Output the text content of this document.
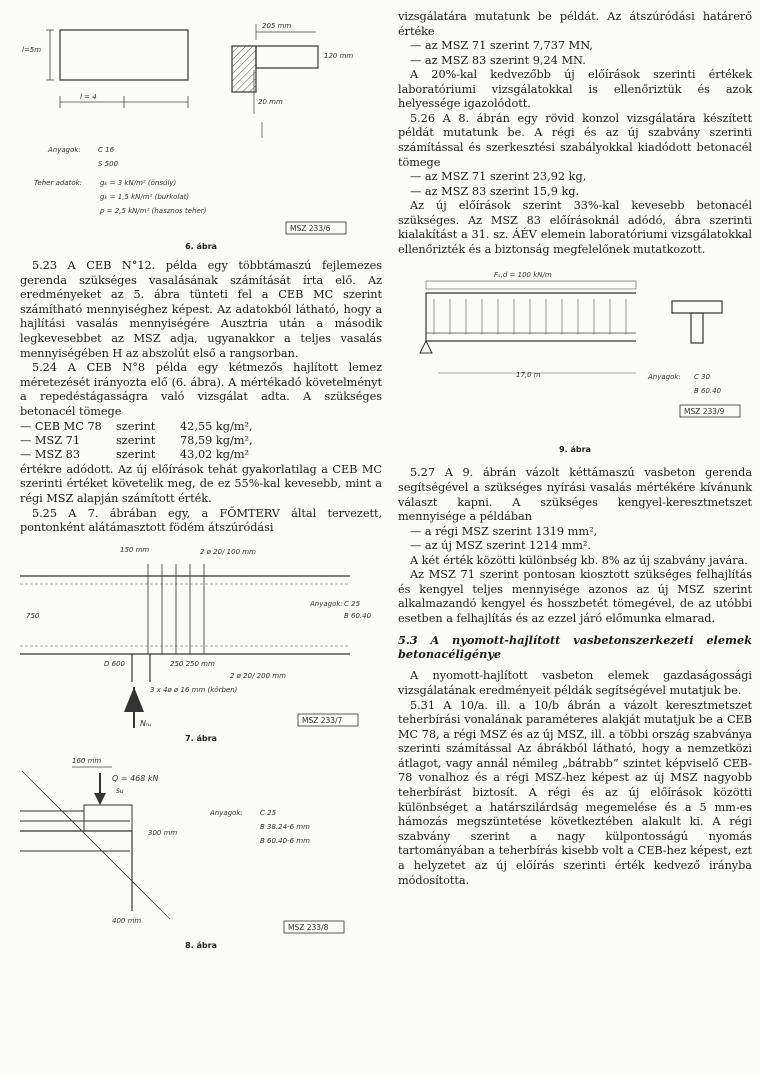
l=5m
l = 4
205 mm
120 mm
20 mm
Anyagok: C 16
S 500
Teher adatok:	gₖ = 3 kN/m² (önsúly)
gₖ = 1,5 kN/m² (burkolat)
p = 2,5 kN/m² (hasznos teher)
MSZ 233/6
6. ábra

5.23 A CEB N°12. példa egy többtámaszú fejlemezes gerenda szükséges vasalásának számítását írta elő. Az eredményeket az 5. ábra tünteti fel a CEB MC szerint számítható mennyiséghez képest. Az adatokból látható, hogy a hajlítási vasalás mennyiségére Ausztria után a második legkevesebbet az MSZ adja, ugyanakkor a teljes vasalás mennyiségében H az abszolút első a rangsorban.

5.24 A CEB N°8 példa egy kétmezős hajlított lemez méretezését irányozta elő (6. ábra). A mértékadó követelményt a repedéstágasságra való vizsgálat adta. A szükséges betonacél tömege

— CEB MC 78 szerint 42,55 kg/m²,
— MSZ 71	szerint 78,59 kg/m²,
— MSZ 83	szerint 43,02 kg/m²

értékre adódott. Az új előírások tehát gyakorlatilag a CEB MC szerinti értéket követelik meg, de ez 55%-kal kevesebb, mint a régi MSZ alapján számított érték.

5.25 A 7. ábrában egy, a FŐMTERV által tervezett, pontonként alátámasztott födém átszúródási

150 mm	2 ø 20/ 100 mm
750
Anyagok: C 25
B 60.40
250 250 mm
2 ø 20/ 200 mm
D 600
3 x 4ø ø 16 mm (körben)
Nᵣᵤ	MSZ 233/7
7. ábra
160 mm
Q = 468 kN
Su
300 mm
400 mm
Anyagok: C 25
B 38.24-6 mm
B 60.40-6 mm
MSZ 233/8
8. ábra

vizsgálatára mutatunk be példát. Az átszúródási határerő értéke

— az MSZ 71 szerint 7,737 MN,
— az MSZ 83 szerint 9,24 MN.

A 20%-kal kedvezőbb új előírások szerinti értékek laboratóriumi vizsgálatokkal is ellenőriztük és azok helyessége igazolódott.

5.26 A 8. ábrán egy rövid konzol vizsgálatára készített példát mutatunk be. A régi és az új szabvány szerinti számítással és szerkesztési szabályokkal kiadódott betonacél tömege

— az MSZ 71 szerint 23,92 kg,
— az MSZ 83 szerint 15,9 kg.

Az új előírások szerint 33%-kal kevesebb betonacél szükséges. Az MSZ 83 előírásoknál adódó, ábra szerinti kialakítást a 31. sz. ÁÉV elemein laboratóriumi vizsgálatokkal ellenőrizték és a biztonság megfelelőnek mutatkozott.

Fₛ,d = 100 kN/m
17,0 m	Anyagok: C 30
B 60.40
MSZ 233/9
9. ábra

5.27 A 9. ábrán vázolt kéttámaszú vasbeton gerenda segítségével a szükséges nyírási vasalás mértékére kívánunk választ kapni. A szükséges kengyel-keresztmetszet mennyisége a példában

— a régi MSZ szerint 1319 mm²,
— az új MSZ szerint 1214 mm².

A két érték közötti különbség kb. 8% az új szabvány javára.

Az MSZ 71 szerint pontosan kiosztott szükséges felhajlítás és kengyel teljes mennyisége azonos az új MSZ szerint alkalmazandó kengyel és hosszbetét tömegével, de az utóbbi esetben a felhajlítás és az ezzel járó előmunka elmarad.

5.3 A nyomott-hajlított vasbetonszerkezeti elemek betonacéligénye

A nyomott-hajlított vasbeton elemek gazdaságossági vizsgálatának eredményeit példák segítségével mutatjuk be.

5.31 A 10/a. ill. a 10/b ábrán a vázolt keresztmetszet teherbírási vonalának paraméteres alakját mutatjuk be a CEB MC 78, a régi MSZ és az új MSZ, ill. a többi ország szabványa szerinti számítással Az ábrákból látható, hogy a nemzetközi átlagot, vagy annál némileg „bátrabb” szintet képviselő CEB-78 vonalhoz és a régi MSZ-hez képest az új MSZ nagyobb teherbírást biztosít. A régi és az új előírások közötti különbséget a határszilárdság megemelése és a 5 mm-es hámozás megszüntetése következtében alakult ki. A régi szabvány szerint a nagy külpontosságú nyomás tartományában a teherbírás kisebb volt a CEB-hez képest, ezt a helyzetet az új előírás szerinti érték kedvező irányba módosította.
